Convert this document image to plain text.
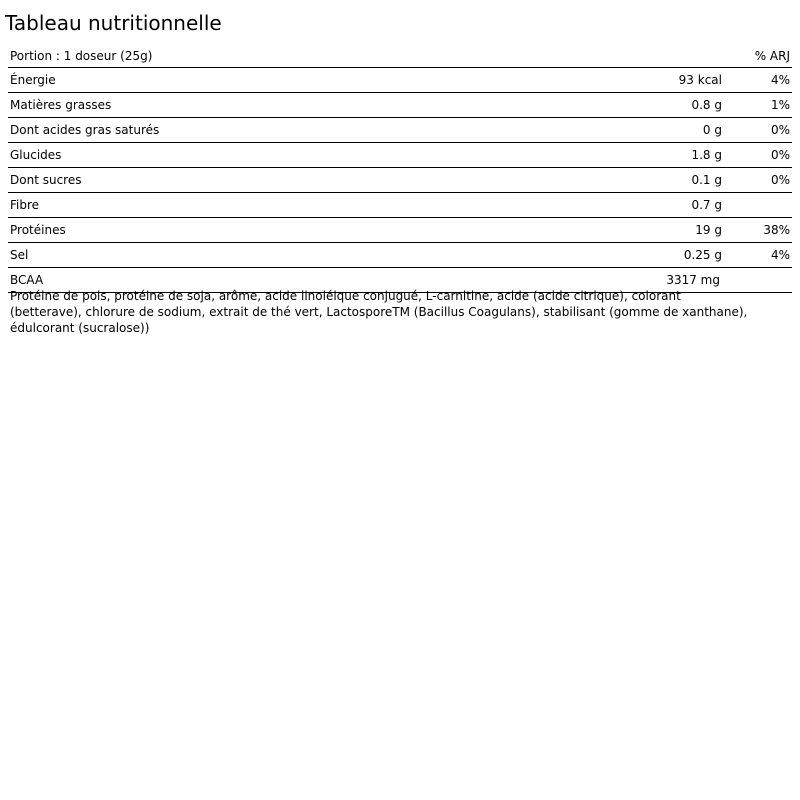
Tableau nutritionnelle
Portion : 1 doseur (25g)	% ARJ
Énergie	93 kcal	4%
Matières grasses	0.8 g	1%
Dont acides gras saturés	0 g	0%
Glucides	1.8 g	0%
Dont sucres	0.1 g	0%
Fibre	0.7 g
Protéines	19 g	38%
Sel	0.25 g	4%
BCAA	3317 mg
Protéine de pois, protéine de soja, arôme, acide linoléique conjugué, L-carnitine, acide (acide citrique), colorant (betterave), chlorure de sodium, extrait de thé vert, LactosporeTM (Bacillus Coagulans), stabilisant (gomme de xanthane), édulcorant (sucralose))
